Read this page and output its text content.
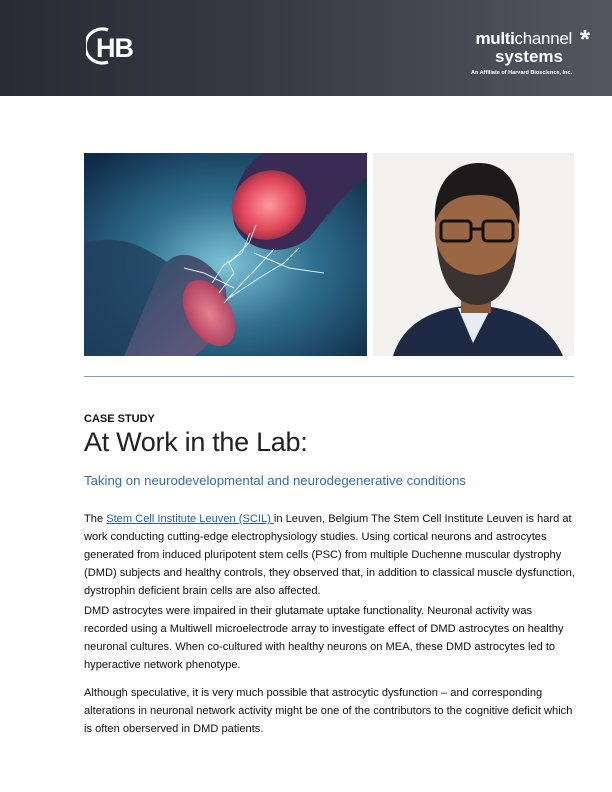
HB	multichannel
systems
An Affiliate of Harvard Bioscience, Inc.
*
CASE STUDY
At Work in the Lab:
Taking on neurodevelopmental and neurodegenerative conditions
The Stem Cell Institute Leuven (SCIL) in Leuven, Belgium The Stem Cell Institute Leuven is hard at work conducting cutting-edge electrophysiology studies. Using cortical neurons and astrocytes generated from induced pluripotent stem cells (PSC) from multiple Duchenne muscular dystrophy (DMD) subjects and healthy controls, they observed that, in addition to classical muscle dysfunction, dystrophin deficient brain cells are also affected.
DMD astrocytes were impaired in their glutamate uptake functionality. Neuronal activity was recorded using a Multiwell microelectrode array to investigate effect of DMD astrocytes on healthy neuronal cultures. When co-cultured with healthy neurons on MEA, these DMD astrocytes led to hyperactive network phenotype.
Although speculative, it is very much possible that astrocytic dysfunction – and corresponding alterations in neuronal network activity might be one of the contributors to the cognitive deficit which is often oberserved in DMD patients.
